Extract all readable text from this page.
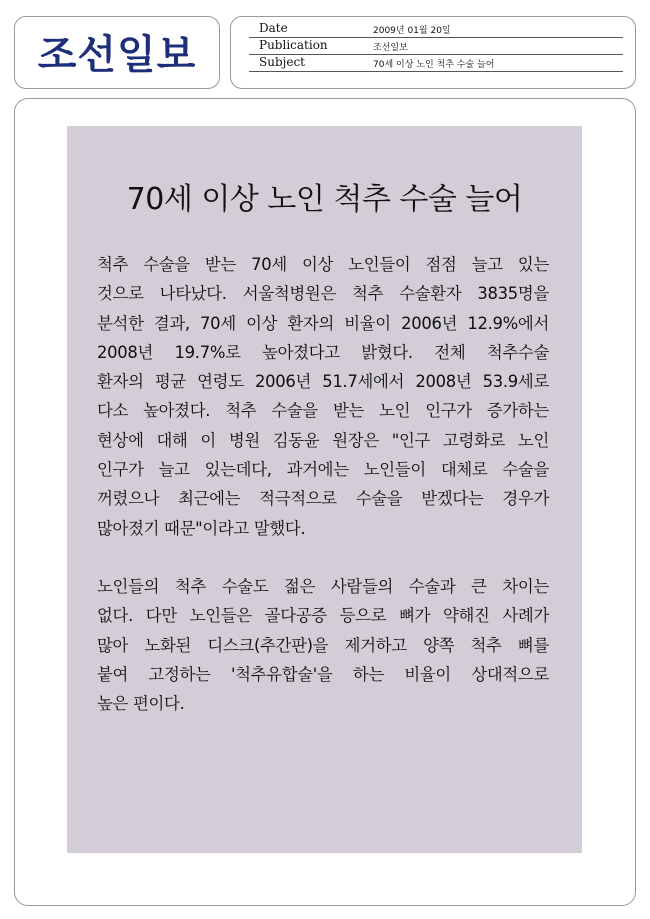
조선일보
Date	2009년 01월 20일
Publication	조선일보
Subject	70세 이상 노인 척추 수술 늘어
70세 이상 노인 척추 수술 늘어
척추 수술을 받는 70세 이상 노인들이 점점 늘고 있는
것으로 나타났다. 서울척병원은 척추 수술환자 3835명을
분석한 결과, 70세 이상 환자의 비율이 2006년 12.9%에서
2008년 19.7%로 높아졌다고 밝혔다. 전체 척추수술
환자의 평균 연령도 2006년 51.7세에서 2008년 53.9세로
다소 높아졌다. 척추 수술을 받는 노인 인구가 증가하는
현상에 대해 이 병원 김동윤 원장은 "인구 고령화로 노인
인구가 늘고 있는데다, 과거에는 노인들이 대체로 수술을
꺼렸으나 최근에는 적극적으로 수술을 받겠다는 경우가
많아졌기 때문"이라고 말했다.
노인들의 척추 수술도 젊은 사람들의 수술과 큰 차이는
없다. 다만 노인들은 골다공증 등으로 뼈가 약해진 사례가
많아 노화된 디스크(추간판)을 제거하고 양쪽 척추 뼈를
붙여 고정하는 '척추유합술'을 하는 비율이 상대적으로
높은 편이다.
